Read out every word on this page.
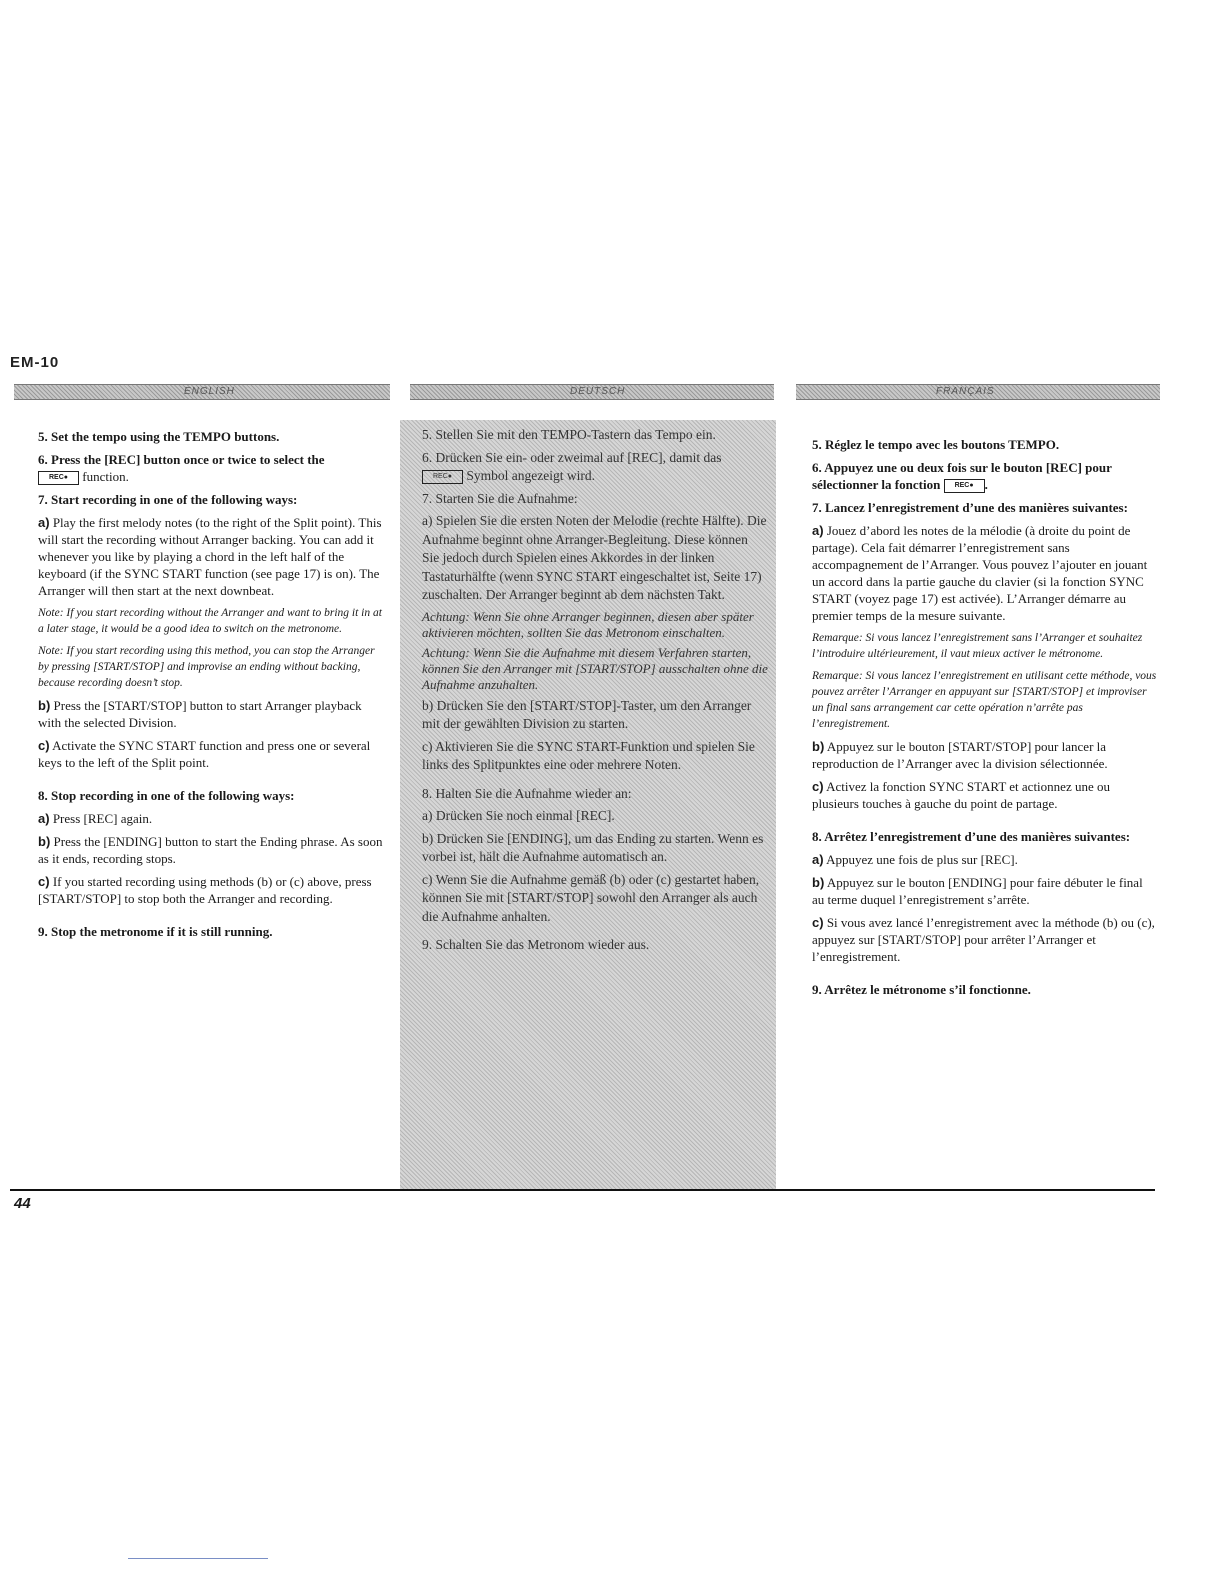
EM-10
ENGLISH	DEUTSCH	FRANÇAIS

5. Set the tempo using the TEMPO buttons.

6. Press the [REC] button once or twice to select the
REC● function.

7. Start recording in one of the following ways:

a) Play the first melody notes (to the right of the Split point). This will start the recording without Arranger backing. You can add it whenever you like by playing a chord in the left half of the keyboard (if the SYNC START function (see page 17) is on). The Arranger will then start at the next downbeat.

Note: If you start recording without the Arranger and want to bring it in at a later stage, it would be a good idea to switch on the metronome.

Note: If you start recording using this method, you can stop the Arranger by pressing [START/STOP] and improvise an ending without backing, because recording doesn’t stop.

b) Press the [START/STOP] button to start Arranger playback with the selected Division.

c) Activate the SYNC START function and press one or several keys to the left of the Split point.

8. Stop recording in one of the following ways:

a) Press [REC] again.

b) Press the [ENDING] button to start the Ending phrase. As soon as it ends, recording stops.

c) If you started recording using methods (b) or (c) above, press [START/STOP] to stop both the Arranger and recording.

9. Stop the metronome if it is still running.

5. Stellen Sie mit den TEMPO-Tastern das Tempo ein.

6. Drücken Sie ein- oder zweimal auf [REC], damit das
REC● Symbol angezeigt wird.

7. Starten Sie die Aufnahme:

a) Spielen Sie die ersten Noten der Melodie (rechte Hälfte). Die Aufnahme beginnt ohne Arranger-Begleitung. Diese können Sie jedoch durch Spielen eines Akkordes in der linken Tastaturhälfte (wenn SYNC START eingeschaltet ist, Seite 17) zuschalten. Der Arranger beginnt ab dem nächsten Takt.

Achtung: Wenn Sie ohne Arranger beginnen, diesen aber später aktivieren möchten, sollten Sie das Metronom einschalten.

Achtung: Wenn Sie die Aufnahme mit diesem Verfahren starten, können Sie den Arranger mit [START/STOP] ausschalten ohne die Aufnahme anzuhalten.

b) Drücken Sie den [START/STOP]-Taster, um den Arranger mit der gewählten Division zu starten.

c) Aktivieren Sie die SYNC START-Funktion und spielen Sie links des Splitpunktes eine oder mehrere Noten.

8. Halten Sie die Aufnahme wieder an:

a) Drücken Sie noch einmal [REC].

b) Drücken Sie [ENDING], um das Ending zu starten. Wenn es vorbei ist, hält die Aufnahme automatisch an.

c) Wenn Sie die Aufnahme gemäß (b) oder (c) gestartet haben, können Sie mit [START/STOP] sowohl den Arranger als auch die Aufnahme anhalten.

9. Schalten Sie das Metronom wieder aus.

5. Réglez le tempo avec les boutons TEMPO.

6. Appuyez une ou deux fois sur le bouton [REC] pour sélectionner la fonction REC● .

7. Lancez l’enregistrement d’une des manières suivantes:

a) Jouez d’abord les notes de la mélodie (à droite du point de partage). Cela fait démarrer l’enregistrement sans accompagnement de l’Arranger. Vous pouvez l’ajouter en jouant un accord dans la partie gauche du clavier (si la fonction SYNC START (voyez page 17) est activée). L’Arranger démarre au premier temps de la mesure suivante.

Remarque: Si vous lancez l’enregistrement sans l’Arranger et souhaitez l’introduire ultérieurement, il vaut mieux activer le métronome.

Remarque: Si vous lancez l’enregistrement en utilisant cette méthode, vous pouvez arrêter l’Arranger en appuyant sur [START/STOP] et improviser un final sans arrangement car cette opération n’arrête pas l’enregistrement.

b) Appuyez sur le bouton [START/STOP] pour lancer la reproduction de l’Arranger avec la division sélectionnée.

c) Activez la fonction SYNC START et actionnez une ou plusieurs touches à gauche du point de partage.

8. Arrêtez l’enregistrement d’une des manières suivantes:

a) Appuyez une fois de plus sur [REC].

b) Appuyez sur le bouton [ENDING] pour faire débuter le final au terme duquel l’enregistrement s’arrête.

c) Si vous avez lancé l’enregistrement avec la méthode (b) ou (c), appuyez sur [START/STOP] pour arrêter l’Arranger et l’enregistrement.

9. Arrêtez le métronome s’il fonctionne.

44
